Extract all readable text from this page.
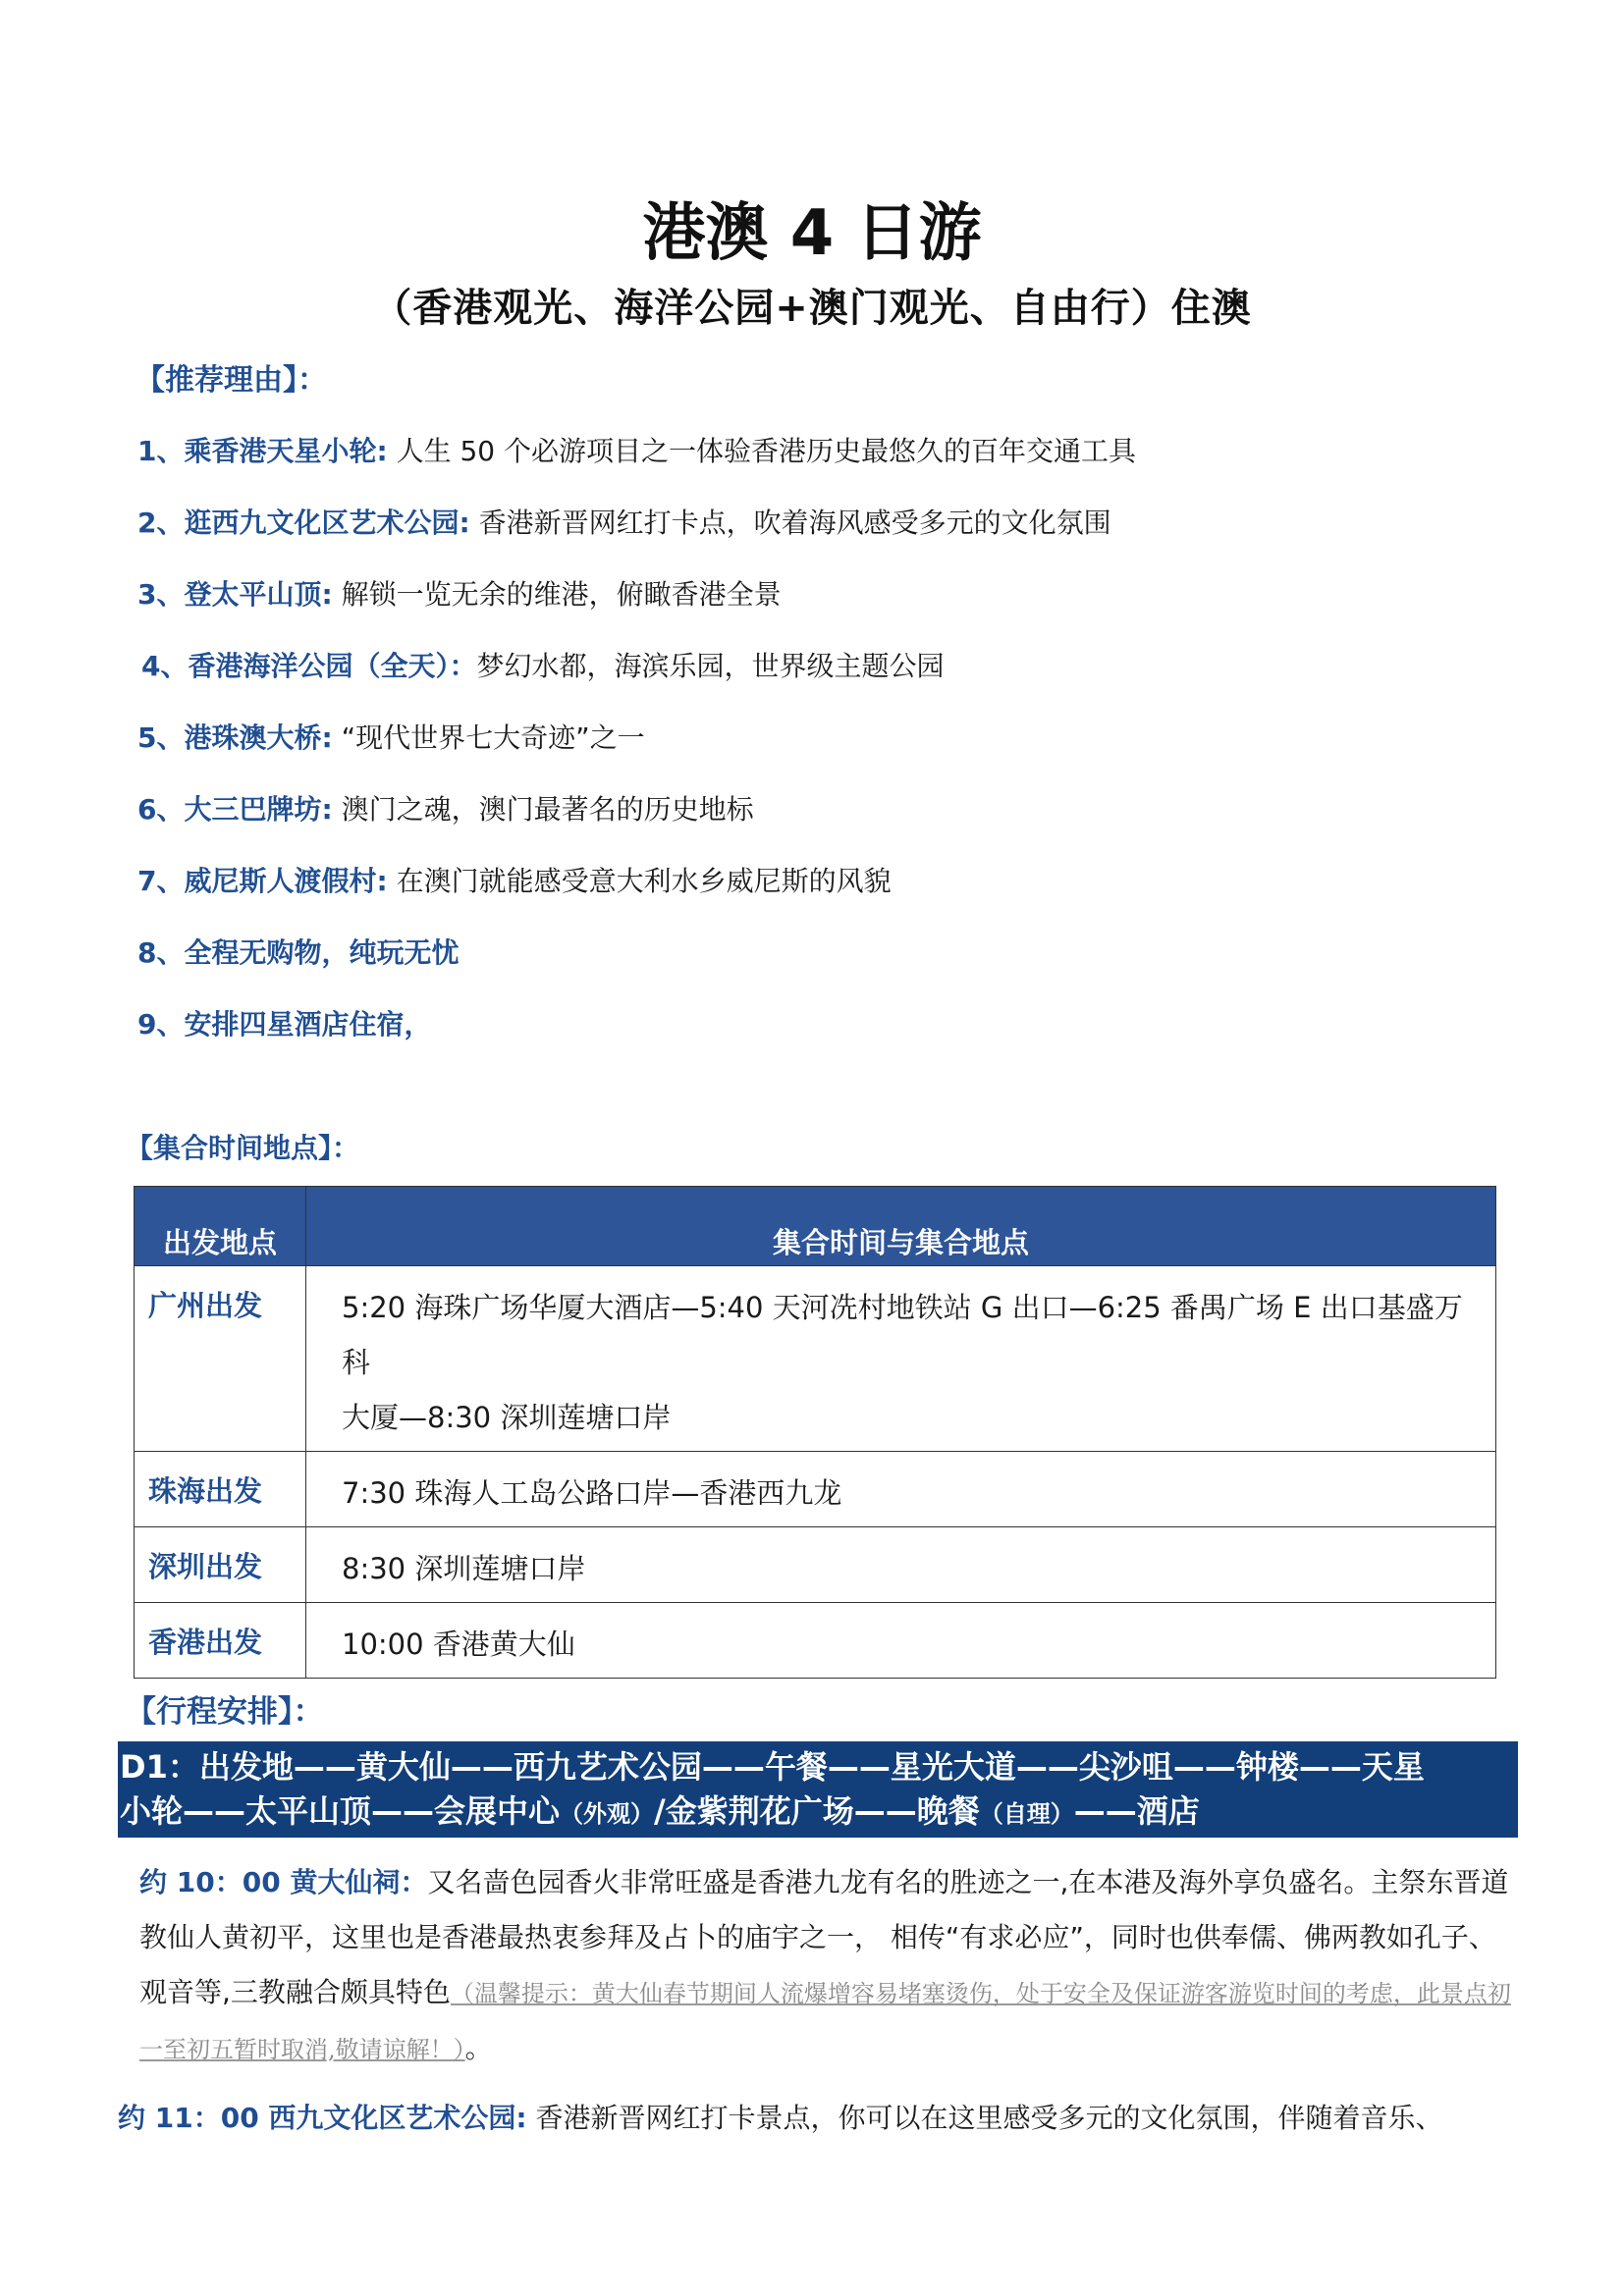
港澳 4 日游
（香港观光、海洋公园+澳门观光、自由行）住澳
【推荐理由】：
1、乘香港天星小轮: 人生 50 个必游项目之一体验香港历史最悠久的百年交通工具
2、逛西九文化区艺术公园: 香港新晋网红打卡点，吹着海风感受多元的文化氛围
3、登太平山顶: 解锁一览无余的维港，俯瞰香港全景
4、香港海洋公园（全天）：梦幻水都，海滨乐园，世界级主题公园
5、港珠澳大桥: “现代世界七大奇迹”之一
6、大三巴牌坊: 澳门之魂，澳门最著名的历史地标
7、威尼斯人渡假村: 在澳门就能感受意大利水乡威尼斯的风貌
8、全程无购物，纯玩无忧
9、安排四星酒店住宿，
【集合时间地点】：
出发地点	集合时间与集合地点
广州出发	5:20 海珠广场华厦大酒店—5:40 天河冼村地铁站 G 出口—6:25 番禺广场 E 出口基盛万科
大厦—8:30 深圳莲塘口岸

珠海出发	7:30 珠海人工岛公路口岸—香港西九龙

深圳出发	8:30 深圳莲塘口岸

香港出发	10:00 香港黄大仙
【行程安排】：
D1：出发地——黄大仙——西九艺术公园——午餐——星光大道——尖沙咀——钟楼——天星
小轮——太平山顶——会展中心（外观）/金紫荆花广场——晚餐（自理）——酒店
约 10：00 黄大仙祠：又名啬色园香火非常旺盛是香港九龙有名的胜迹之一,在本港及海外享负盛名。主祭东晋道教仙人黄初平，这里也是香港最热衷参拜及占卜的庙宇之一， 相传“有求必应”，同时也供奉儒、佛两教如孔子、观音等,三教融合颇具特色（温馨提示：黄大仙春节期间人流爆增容易堵塞烫伤，处于安全及保证游客游览时间的考虑，此景点初一至初五暂时取消,敬请谅解！）。
约 11：00 西九文化区艺术公园: 香港新晋网红打卡景点，你可以在这里感受多元的文化氛围，伴随着音乐、
